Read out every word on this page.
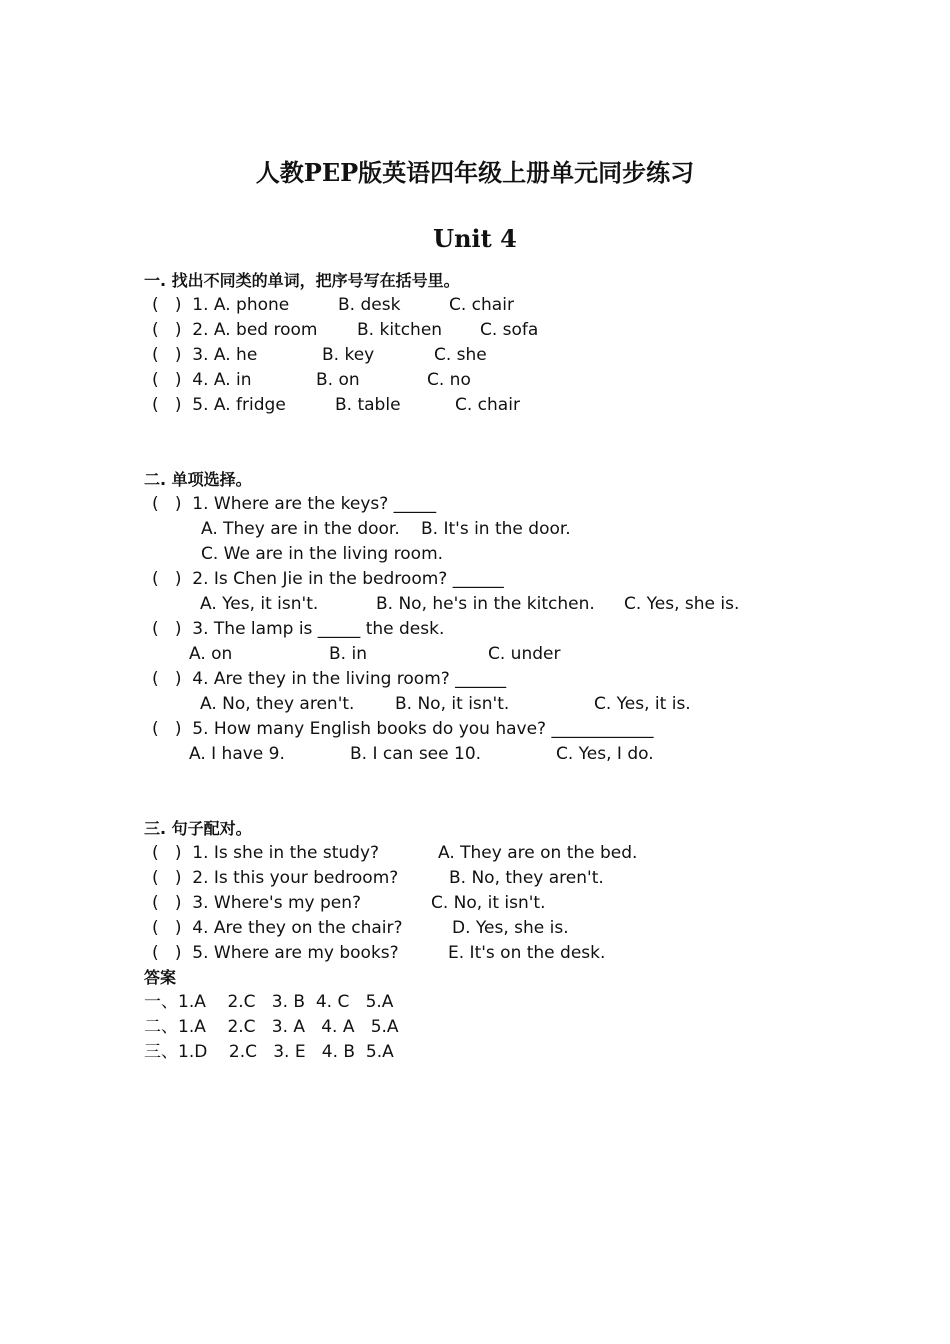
人教PEP版英语四年级上册单元同步练习
Unit 4
一. 找出不同类的单词，把序号写在括号里。
(   )  1. A. phone	B. desk	C. chair
(   )  2. A. bed room B. kitchen C. sofa
(   )  3. A. he	B. key	C. she
(   )  4. A. in	B. on	C. no
(   )  5. A. fridge	B. table	C. chair
二. 单项选择。
(   )  1. Where are the keys? _____
A. They are in the door. B. It's in the door.
C. We are in the living room.
(   )  2. Is Chen Jie in the bedroom? ______
A. Yes, it isn't.	B. No, he's in the kitchen. C. Yes, she is.
(   )  3. The lamp is _____ the desk.
A. on	B. in	C. under
(   )  4. Are they in the living room? ______
A. No, they aren't. B. No, it isn't.	C. Yes, it is.
(   )  5. How many English books do you have? ____________
A. I have 9.	B. I can see 10.	C. Yes, I do.
三. 句子配对。
(   )  1. Is she in the study?	A. They are on the bed.
(   )  2. Is this your bedroom?	B. No, they aren't.
(   )  3. Where's my pen?	C. No, it isn't.
(   )  4. Are they on the chair?	D. Yes, she is.
(   )  5. Where are my books?	E. It's on the desk.
答案
一、1.A    2.C   3. B  4. C   5.A
二、1.A    2.C   3. A   4. A   5.A
三、1.D    2.C   3. E   4. B  5.A
